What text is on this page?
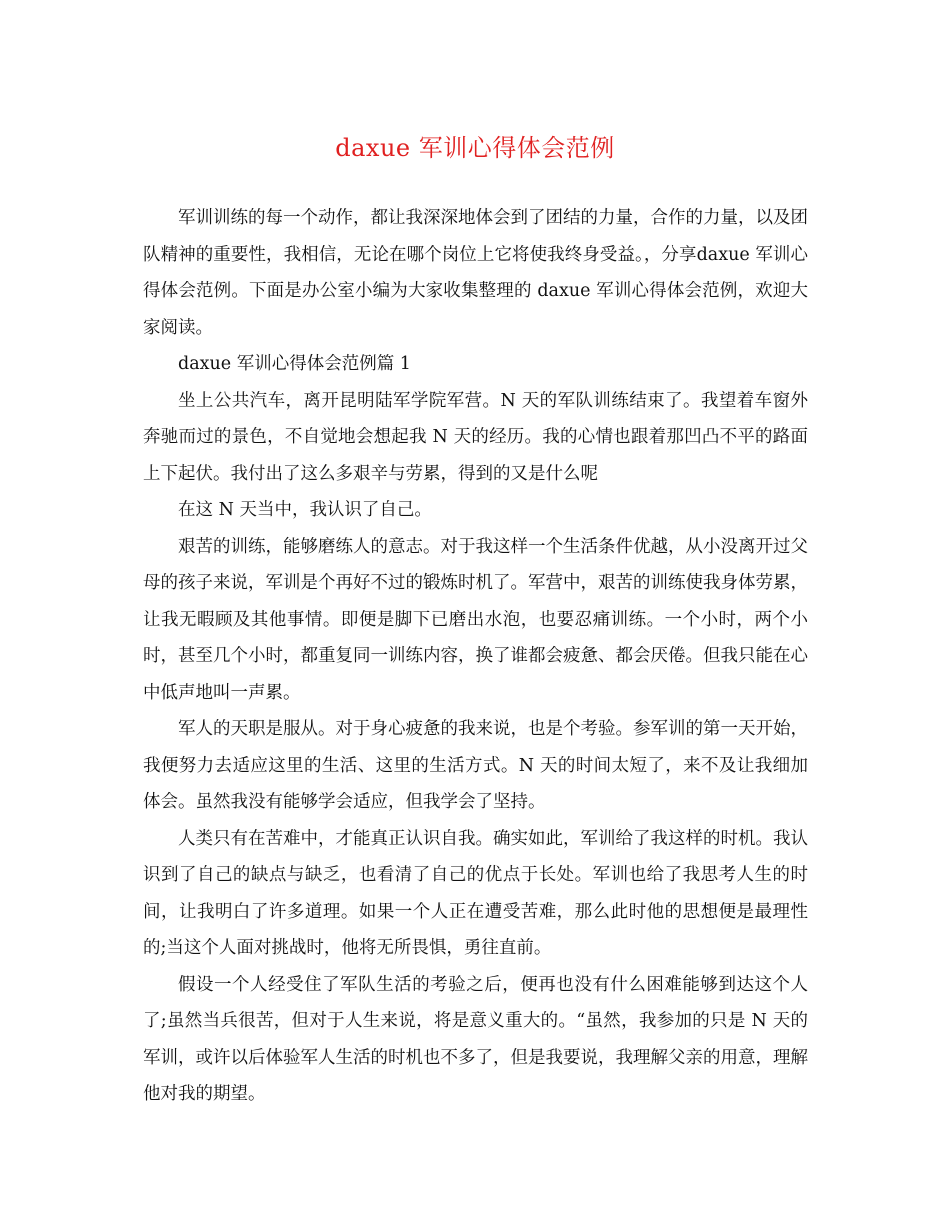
daxue 军训心得体会范例

军训训练的每一个动作，都让我深深地体会到了团结的力量，合作的力量，以及团队精神的重要性，我相信，无论在哪个岗位上它将使我终身受益。，分享daxue 军训心得体会范例。下面是办公室小编为大家收集整理的 daxue 军训心得体会范例，欢迎大家阅读。

daxue 军训心得体会范例篇 1

坐上公共汽车，离开昆明陆军学院军营。N 天的军队训练结束了。我望着车窗外奔驰而过的景色，不自觉地会想起我 N 天的经历。我的心情也跟着那凹凸不平的路面上下起伏。我付出了这么多艰辛与劳累，得到的又是什么呢

在这 N 天当中，我认识了自己。

艰苦的训练，能够磨练人的意志。对于我这样一个生活条件优越，从小没离开过父母的孩子来说，军训是个再好不过的锻炼时机了。军营中，艰苦的训练使我身体劳累，让我无暇顾及其他事情。即便是脚下已磨出水泡，也要忍痛训练。一个小时，两个小时，甚至几个小时，都重复同一训练内容，换了谁都会疲惫、都会厌倦。但我只能在心中低声地叫一声累。

军人的天职是服从。对于身心疲惫的我来说，也是个考验。参军训的第一天开始，我便努力去适应这里的生活、这里的生活方式。N 天的时间太短了，来不及让我细加体会。虽然我没有能够学会适应，但我学会了坚持。

人类只有在苦难中，才能真正认识自我。确实如此，军训给了我这样的时机。我认识到了自己的缺点与缺乏，也看清了自己的优点于长处。军训也给了我思考人生的时间，让我明白了许多道理。如果一个人正在遭受苦难，那么此时他的思想便是最理性的;当这个人面对挑战时，他将无所畏惧，勇往直前。

假设一个人经受住了军队生活的考验之后，便再也没有什么困难能够到达这个人了;虽然当兵很苦，但对于人生来说，将是意义重大的。“虽然，我参加的只是 N 天的军训，或许以后体验军人生活的时机也不多了，但是我要说，我理解父亲的用意，理解他对我的期望。
